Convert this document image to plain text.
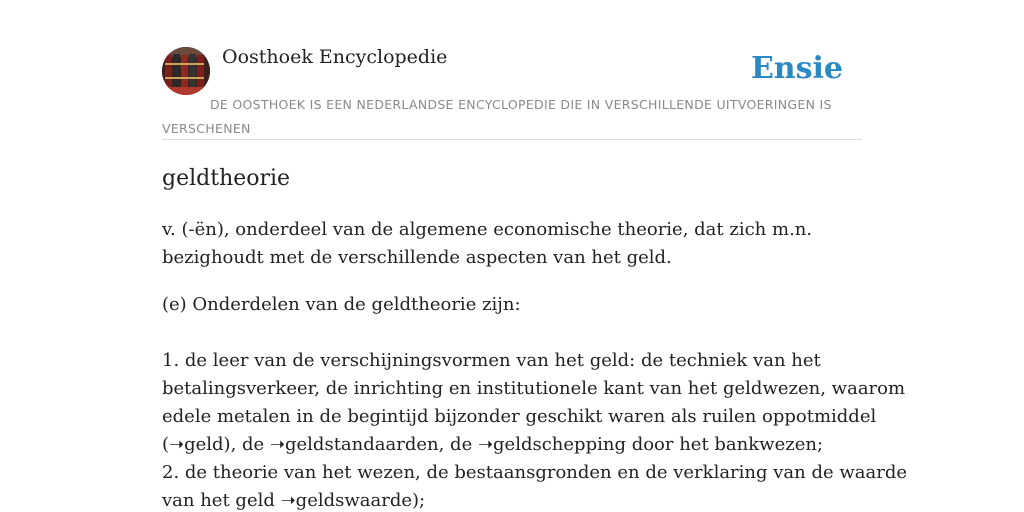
Oosthoek Encyclopedie	Ensie
DE OOSTHOEK IS EEN NEDERLANDSE ENCYCLOPEDIE DIE IN VERSCHILLENDE UITVOERINGEN IS VERSCHENEN
geldtheorie

v. (-ën), onderdeel van de algemene economische theorie, dat zich m.n.
bezighoudt met de verschillende aspecten van het geld.

(e) Onderdelen van de geldtheorie zijn:

1. de leer van de verschijningsvormen van het geld: de techniek van het
betalingsverkeer, de inrichting en institutionele kant van het geldwezen, waarom
edele metalen in de begintijd bijzonder geschikt waren als ruilen oppotmiddel
(➝geld), de ➝geldstandaarden, de ➝geldschepping door het bankwezen;
2. de theorie van het wezen, de bestaansgronden en de verklaring van de waarde
van het geld ➝geldswaarde);
